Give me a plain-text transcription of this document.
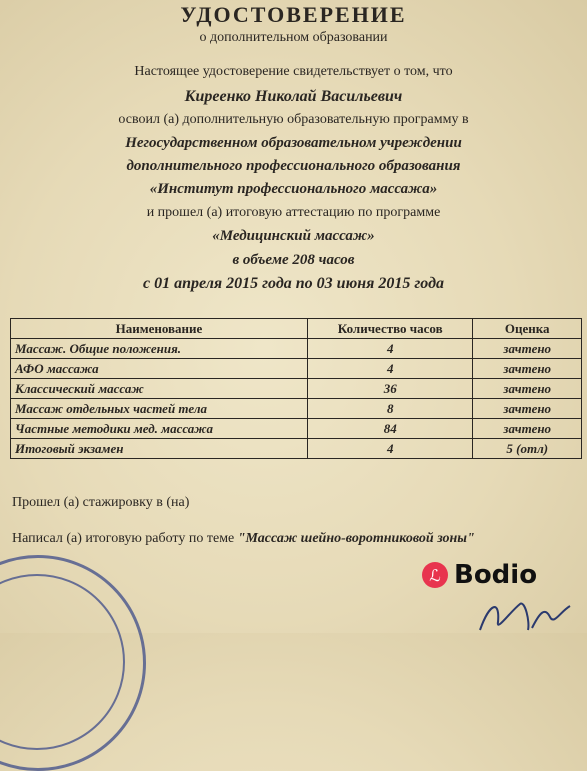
УДОСТОВЕРЕНИЕ
о дополнительном образовании
Настоящее удостоверение свидетельствует о том, что
Киреенко Николай Васильевич
освоил (а) дополнительную образовательную программу в
Негосударственном образовательном учреждении
дополнительного профессионального образования
«Институт профессионального массажа»
и прошел (а) итоговую аттестацию по программе
«Медицинский массаж»
в объеме 208 часов
с 01 апреля 2015 года по 03 июня 2015 года
Наименование	Количество часов	Оценка
Массаж. Общие положения.	4	зачтено
АФО массажа	4	зачтено
Классический массаж	36	зачтено
Массаж отдельных частей тела	8	зачтено
Частные методики мед. массажа	84	зачтено
Итоговый экзамен	4	5 (отл)
Прошел (а) стажировку в (на)
Написал (а) итоговую работу по теме "Массаж шейно-воротниковой зоны"
ℒ Bodio
